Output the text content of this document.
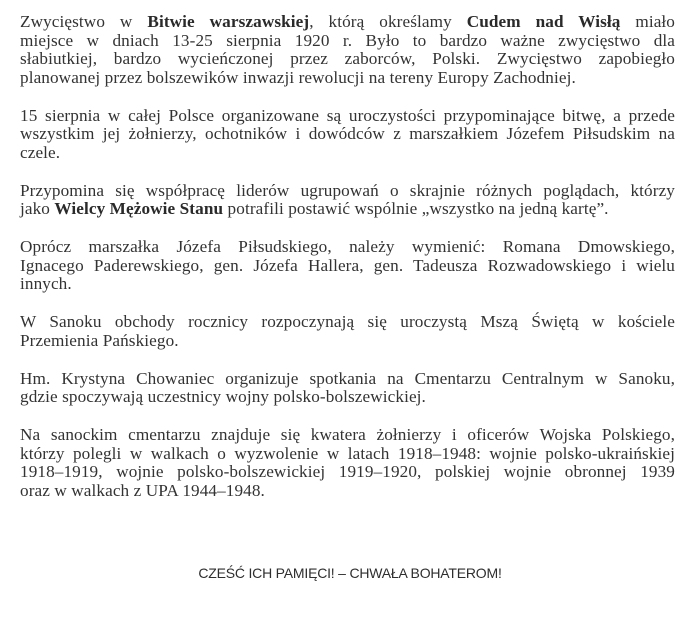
Zwycięstwo w Bitwie warszawskiej, którą określamy Cudem nad Wisłą miało
miejsce w dniach 13-25 sierpnia 1920 r. Było to bardzo ważne zwycięstwo dla
słabiutkiej, bardzo wycieńczonej przez zaborców, Polski. Zwycięstwo zapobiegło
planowanej przez bolszewików inwazji rewolucji na tereny Europy Zachodniej.
15 sierpnia w całej Polsce organizowane są uroczystości przypominające bitwę, a przede
wszystkim jej żołnierzy, ochotników i dowódców z marszałkiem Józefem Piłsudskim na
czele.
Przypomina się współpracę liderów ugrupowań o skrajnie różnych poglądach, którzy
jako Wielcy Mężowie Stanu potrafili postawić wspólnie „wszystko na jedną kartę”.
Oprócz marszałka Józefa Piłsudskiego, należy wymienić: Romana Dmowskiego,
Ignacego Paderewskiego, gen. Józefa Hallera, gen. Tadeusza Rozwadowskiego i wielu
innych.
W Sanoku obchody rocznicy rozpoczynają się uroczystą Mszą Świętą w kościele
Przemienia Pańskiego.
Hm. Krystyna Chowaniec organizuje spotkania na Cmentarzu Centralnym w Sanoku,
gdzie spoczywają uczestnicy wojny polsko-bolszewickiej.
Na sanockim cmentarzu znajduje się kwatera żołnierzy i oficerów Wojska Polskiego,
którzy polegli w walkach o wyzwolenie w latach 1918–1948: wojnie polsko-ukraińskiej
1918–1919, wojnie polsko-bolszewickiej 1919–1920, polskiej wojnie obronnej 1939
oraz w walkach z UPA 1944–1948.
CZEŚĆ ICH PAMIĘCI! – CHWAŁA BOHATEROM!
